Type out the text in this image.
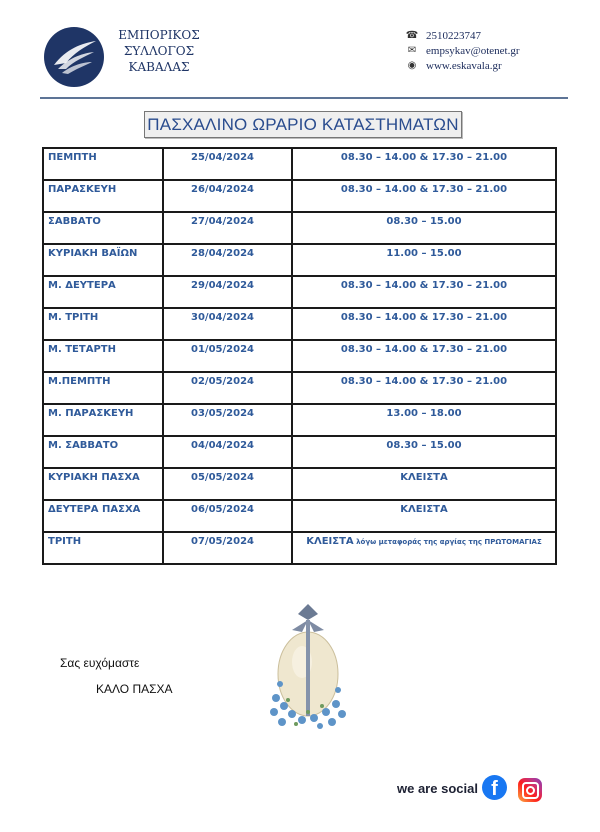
ΕΜΠΟΡΙΚΟΣ
ΣΥΛΛΟΓΟΣ
ΚΑΒΑΛΑΣ
☎ 2510223747
✉ empsykav@otenet.gr
◉ www.eskavala.gr
ΠΑΣΧΑΛΙΝΟ ΩΡΑΡΙΟ ΚΑΤΑΣΤΗΜΑΤΩΝ
ΠΕΜΠΤΗ	25/04/2024	08.30 – 14.00 & 17.30 – 21.00
ΠΑΡΑΣΚΕΥΗ	26/04/2024	08.30 – 14.00 & 17.30 – 21.00
ΣΑΒΒΑΤΟ	27/04/2024	08.30 – 15.00
ΚΥΡΙΑΚΗ ΒΑΪΩΝ	28/04/2024	11.00 – 15.00
Μ. ΔΕΥΤΕΡΑ	29/04/2024	08.30 – 14.00 & 17.30 – 21.00
Μ. ΤΡΙΤΗ	30/04/2024	08.30 – 14.00 & 17.30 – 21.00
Μ. ΤΕΤΑΡΤΗ	01/05/2024	08.30 – 14.00 & 17.30 – 21.00
Μ.ΠΕΜΠΤΗ	02/05/2024	08.30 – 14.00 & 17.30 – 21.00
Μ. ΠΑΡΑΣΚΕΥΗ	03/05/2024	13.00 – 18.00
Μ. ΣΑΒΒΑΤΟ	04/04/2024	08.30 – 15.00
ΚΥΡΙΑΚΗ ΠΑΣΧΑ	05/05/2024	ΚΛΕΙΣΤΑ
ΔΕΥΤΕΡΑ ΠΑΣΧΑ	06/05/2024	ΚΛΕΙΣΤΑ
ΤΡΙΤΗ	07/05/2024	ΚΛΕΙΣΤΑ λόγω μεταφοράς της αργίας της ΠΡΩΤΟΜΑΓΙΑΣ
Σας ευχόμαστε
ΚΑΛΟ ΠΑΣΧΑ
we are social f
